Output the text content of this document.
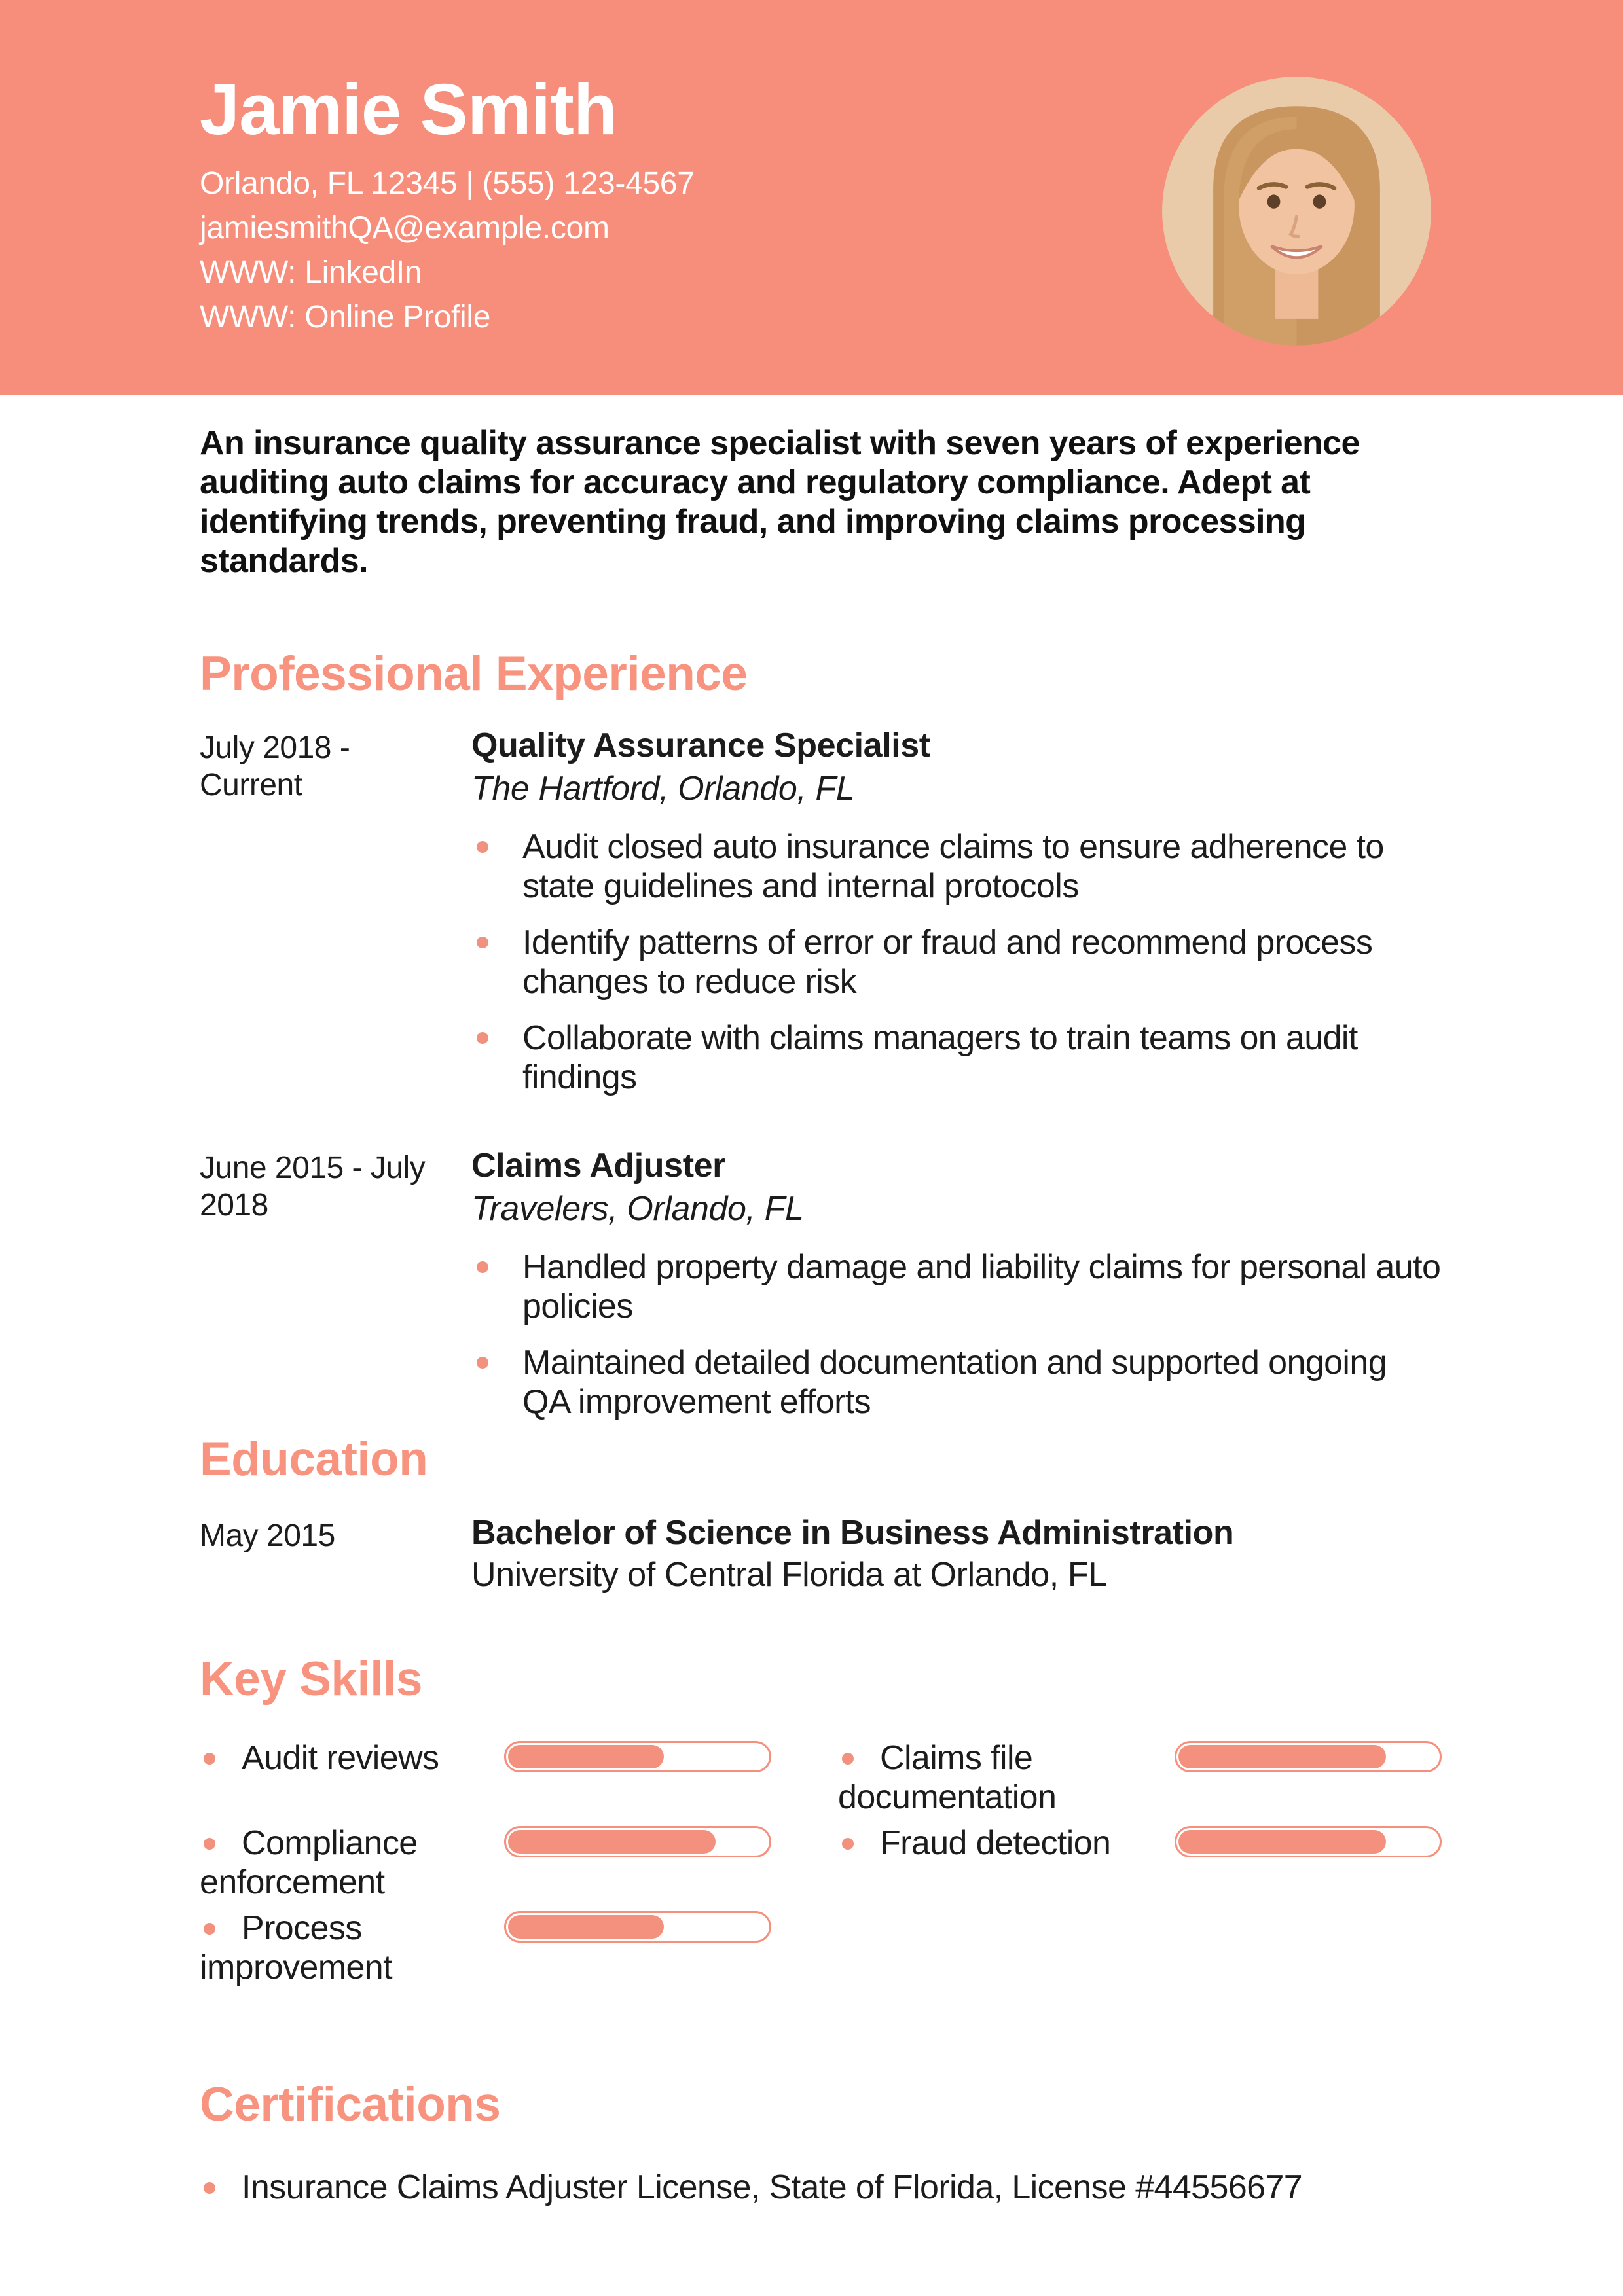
Jamie Smith
Orlando, FL 12345 | (555) 123-4567
jamiesmithQA@example.com
WWW: LinkedIn
WWW: Online Profile

An insurance quality assurance specialist with seven years of experience auditing auto claims for accuracy and regulatory compliance. Adept at identifying trends, preventing fraud, and improving claims processing standards.

Professional Experience
July 2018 - Current
Quality Assurance Specialist
The Hartford, Orlando, FL
Audit closed auto insurance claims to ensure adherence to state guidelines and internal protocols
Identify patterns of error or fraud and recommend process changes to reduce risk
Collaborate with claims managers to train teams on audit findings
June 2015 - July 2018
Claims Adjuster
Travelers, Orlando, FL
Handled property damage and liability claims for personal auto policies
Maintained detailed documentation and supported ongoing QA improvement efforts
Education
May 2015	Bachelor of Science in Business Administration
University of Central Florida at Orlando, FL
Key Skills
Audit reviews	Claims file documentation
Compliance enforcement
Fraud detection
Process improvement
Certifications
Insurance Claims Adjuster License, State of Florida, License #44556677
